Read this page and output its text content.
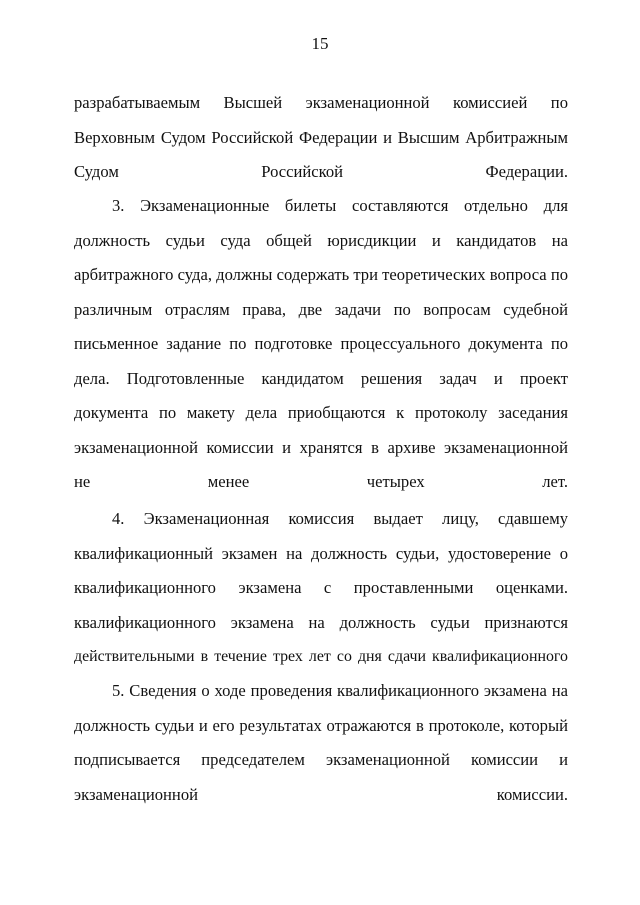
15
разрабатываемым Высшей экзаменационной комиссией по
Верховным Судом Российской Федерации и Высшим Арбитражным
Судом Российской Федерации.
3. Экзаменационные билеты составляются отдельно для
должность судьи суда общей юрисдикции и кандидатов на
арбитражного суда, должны содержать три теоретических вопроса по
различным отраслям права, две задачи по вопросам судебной
письменное задание по подготовке процессуального документа по
дела. Подготовленные кандидатом решения задач и проект
документа по макету дела приобщаются к протоколу заседания
экзаменационной комиссии и хранятся в архиве экзаменационной
не менее четырех лет.
4. Экзаменационная комиссия выдает лицу, сдавшему
квалификационный экзамен на должность судьи, удостоверение о
квалификационного экзамена с проставленными оценками.
квалификационного экзамена на должность судьи признаются
действительными в течение трех лет со дня сдачи квалификационного
5. Сведения о ходе проведения квалификационного экзамена на
должность судьи и его результатах отражаются в протоколе, который
подписывается председателем экзаменационной комиссии и
экзаменационной комиссии.
